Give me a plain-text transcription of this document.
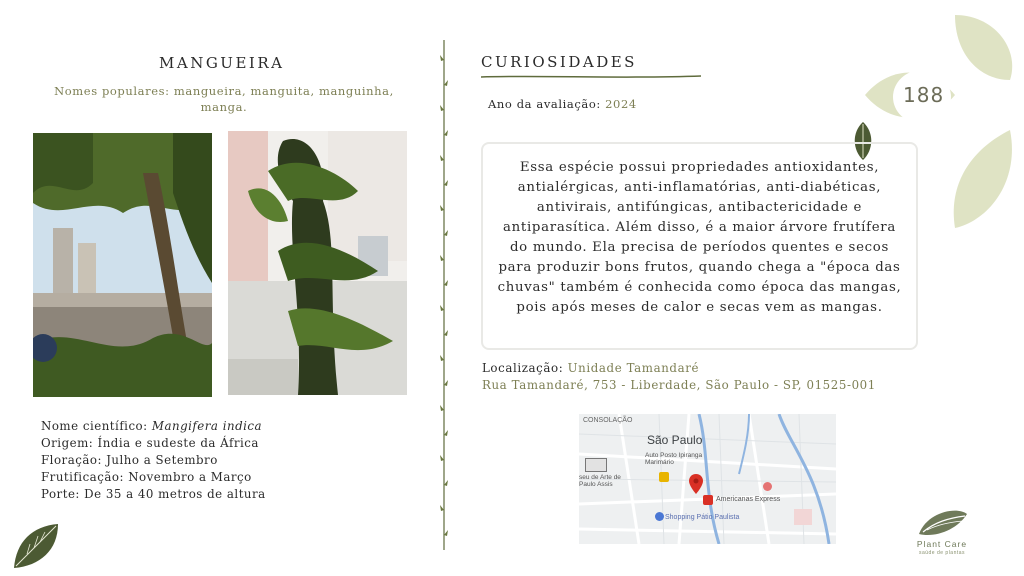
188
MANGUEIRA
Nomes populares: mangueira, manguita, manguinha, manga.
Nome científico: Mangifera indica
Origem: Índia e sudeste da África
Floração: Julho a Setembro
Frutificação: Novembro a Março
Porte: De 35 a 40 metros de altura
CURIOSIDADES
Ano da avaliação: 2024
Essa espécie possui propriedades antioxidantes, antialérgicas, anti-inflamatórias, anti-diabéticas, antivirais, antifúngicas, antibactericidade e antiparasítica. Além disso, é a maior árvore frutífera do mundo. Ela precisa de períodos quentes e secos para produzir bons frutos, quando chega a "época das chuvas" também é conhecida como época das mangas, pois após meses de calor e secas vem as mangas.
Localização: Unidade Tamandaré
Rua Tamandaré, 753 - Liberdade, São Paulo - SP, 01525-001
CONSOLAÇÃO
São Paulo
Auto Posto Ipiranga Marimário
seu de Arte de Paulo Assis
Americanas Express
Shopping Pátio Paulista
Plant Care
saúde de plantas
